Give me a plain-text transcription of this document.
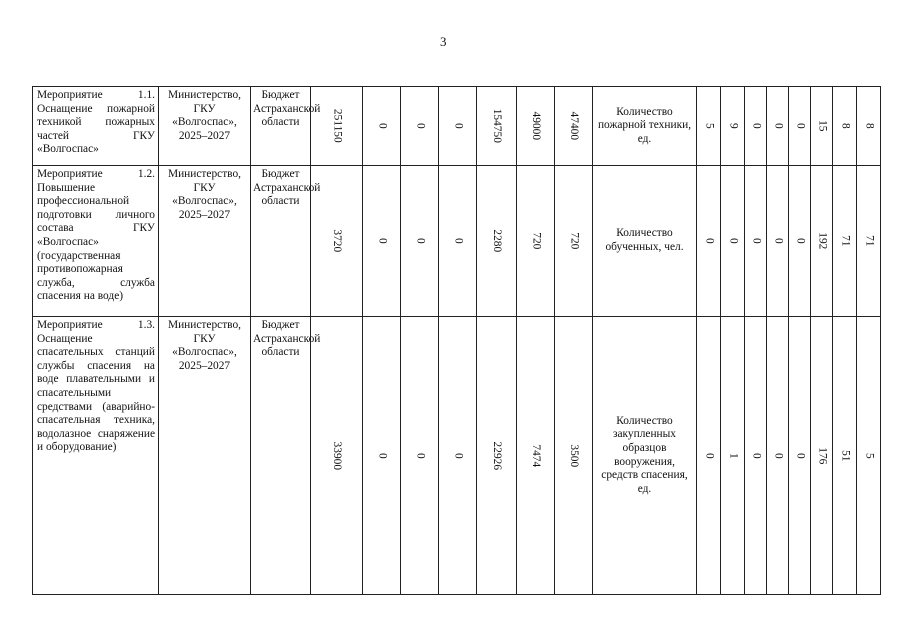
3
Мероприятие 1.1. Оснащение пожарной техникой пожарных частей ГКУ «Волгоспас»	Министерство, ГКУ «Волгоспас», 2025–2027	Бюджет Астраханской области	251150	0	0	0	154750	49000	47400	Количество пожарной техники, ед.	5	9	0	0	0	15	8	8
Мероприятие 1.2. Повышение профессиональной подготовки личного состава ГКУ «Волгоспас» (государственная противопожарная служба, служба спасения на воде)	Министерство, ГКУ «Волгоспас», 2025–2027	Бюджет Астраханской области	3720	0	0	0	2280	720	720	Количество обученных, чел.	0	0	0	0	0	192	71	71
Мероприятие 1.3. Оснащение спасательных станций службы спасения на воде плавательными и спасательными средствами (аварийно-спасательная техника, водолазное снаряжение и оборудование)	Министерство, ГКУ «Волгоспас», 2025–2027	Бюджет Астраханской области	33900	0	0	0	22926	7474	3500	Количество закупленных образцов вооружения, средств спасения, ед.	0	1	0	0	0	176	51	5
